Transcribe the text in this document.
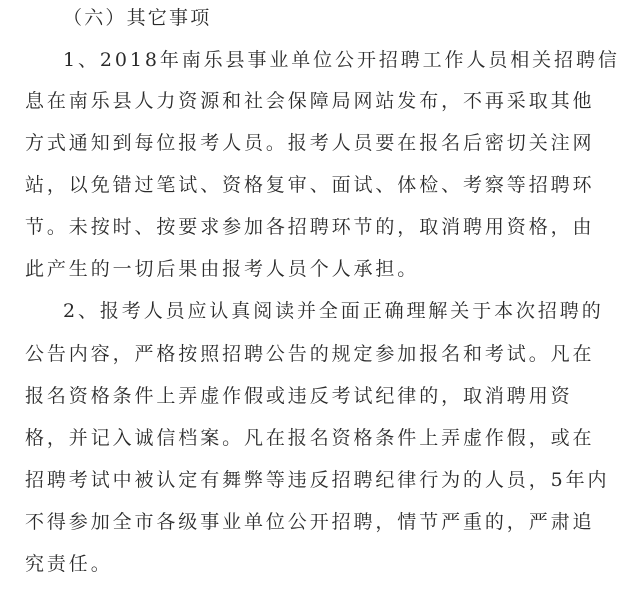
（六）其它事项
1、2018年南乐县事业单位公开招聘工作人员相关招聘信
息在南乐县人力资源和社会保障局网站发布，不再采取其他
方式通知到每位报考人员。报考人员要在报名后密切关注网
站，以免错过笔试、资格复审、面试、体检、考察等招聘环
节。未按时、按要求参加各招聘环节的，取消聘用资格，由
此产生的一切后果由报考人员个人承担。
2、报考人员应认真阅读并全面正确理解关于本次招聘的
公告内容，严格按照招聘公告的规定参加报名和考试。凡在
报名资格条件上弄虚作假或违反考试纪律的，取消聘用资
格，并记入诚信档案。凡在报名资格条件上弄虚作假，或在
招聘考试中被认定有舞弊等违反招聘纪律行为的人员，5年内
不得参加全市各级事业单位公开招聘，情节严重的，严肃追
究责任。
